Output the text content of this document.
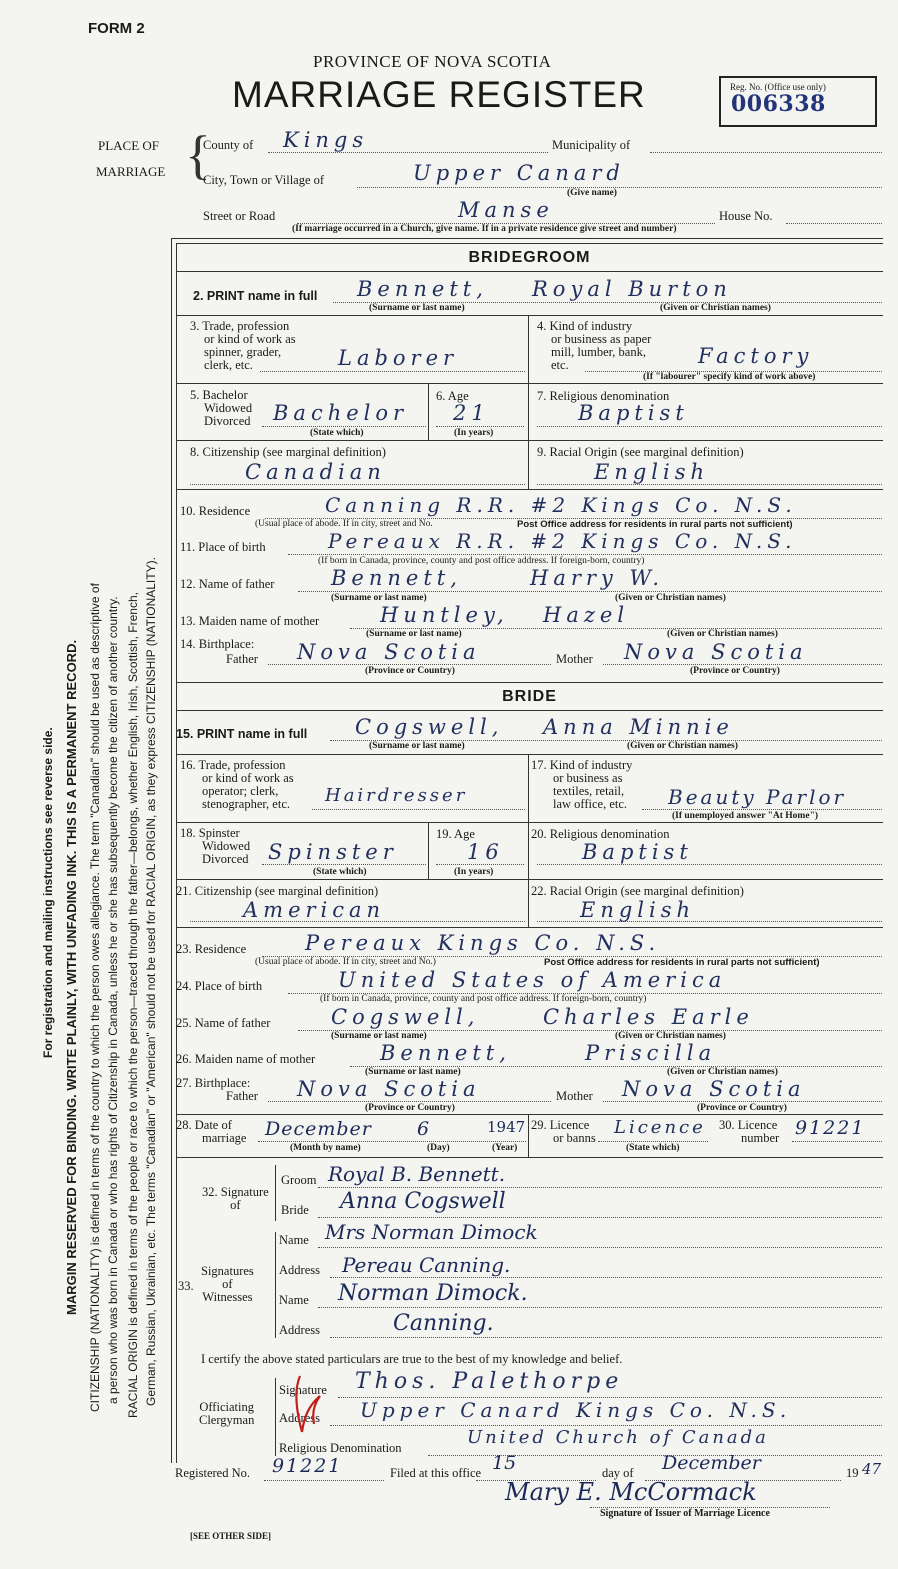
FORM 2
PROVINCE OF NOVA SCOTIA
MARRIAGE REGISTER	Reg. No. (Office use only)
006338
PLACE OF
MARRIAGE {
County of Kings	Municipality of
City, Town or Village of	Upper Canard
(Give name)
Street or Road	Manse	House No.
(If marriage occurred in a Church, give name. If in a private residence give street and number)
For registration and mailing instructions see reverse side. MARGIN RESERVED FOR BINDING. WRITE PLAINLY, WITH UNFADING INK. THIS IS A PERMANENT RECORD. CITIZENSHIP (NATIONALITY) is defined in terms of the country to which the person owes allegiance. The term "Canadian" should be used as descriptive of a person who was born in Canada or who has rights of Citizenship in Canada, unless he or she has subsequently become the citizen of another country. RACIAL ORIGIN is defined in terms of the people or race to which the person—traced through the father—belongs, whether English, Irish, Scottish, French, German, Russian, Ukrainian, etc. The terms "Canadian" or "American" should not be used for RACIAL ORIGIN, as they express CITIZENSHIP (NATIONALITY).
BRIDEGROOM
2. PRINT name in full Bennett, Royal Burton
(Surname or last name)	(Given or Christian names)
3. Trade, profession
or kind of work as
spinner, grader,
clerk, etc.	Laborer
4. Kind of industry
or business as paper
mill, lumber, bank,
etc.	Factory
(If "labourer" specify kind of work above)
5. Bachelor
Widowed
Divorced Bachelor
(State which)
6. Age
21
(In years)
7. Religious denomination
Baptist
8. Citizenship (see marginal definition)
Canadian
9. Racial Origin (see marginal definition)
English
10. Residence	Canning R.R. #2 Kings Co. N.S.
(Usual place of abode. If in city, street and No.	Post Office address for residents in rural parts not sufficient)
11. Place of birth	Pereaux R.R. #2 Kings Co. N.S.
(If born in Canada, province, county and post office address. If foreign-born, country)
12. Name of father	Bennett,	Harry W.
(Surname or last name)	(Given or Christian names)
13. Maiden name of mother	Huntley, Hazel
(Surname or last name)	(Given or Christian names)
14. Birthplace:
Father Nova Scotia	Mother Nova Scotia
(Province or Country)	(Province or Country)
BRIDE
15. PRINT name in full Cogswell, Anna Minnie
(Surname or last name)	(Given or Christian names)
16. Trade, profession
or kind of work as
operator; clerk,
stenographer, etc. Hairdresser
17. Kind of industry
or business as
textiles, retail,
law office, etc. Beauty Parlor
(If unemployed answer "At Home")
18. Spinster
Widowed
Divorced Spinster
(State which)
19. Age
16
(In years)
20. Religious denomination
Baptist
21. Citizenship (see marginal definition)
American
22. Racial Origin (see marginal definition)
English
23. Residence	Pereaux Kings Co. N.S.
(Usual place of abode. If in city, street and No.)	Post Office address for residents in rural parts not sufficient)
24. Place of birth	United States of America
(If born in Canada, province, county and post office address. If foreign-born, country)
25. Name of father	Cogswell,	Charles Earle
(Surname or last name)	(Given or Christian names)
26. Maiden name of mother	Bennett,	Priscilla
(Surname or last name)	(Given or Christian names)
27. Birthplace:
Father Nova Scotia	Mother Nova Scotia
(Province or Country)	(Province or Country)
28. Date of
marriage December 6	1947
(Month by name)	(Day)	(Year)
29. Licence
or banns Licence
(State which)
30. Licence
number 91221
32. Signature
of
Groom Royal B. Bennett.
Bride Anna Cogswell
33.
Signatures
of
Witnesses
Name Mrs Norman Dimock
Address Pereau Canning.
Name Norman Dimock.
Address	Canning.
I certify the above stated particulars are true to the best of my knowledge and belief.
Officiating
Clergyman
Signature Thos. Palethorpe
Address Upper Canard Kings Co. N.S.
Religious Denomination	United Church of Canada
Registered No. 91221	Filed at this office 15	day of December	19 47
Mary E. McCormack
Signature of Issuer of Marriage Licence
[SEE OTHER SIDE]
